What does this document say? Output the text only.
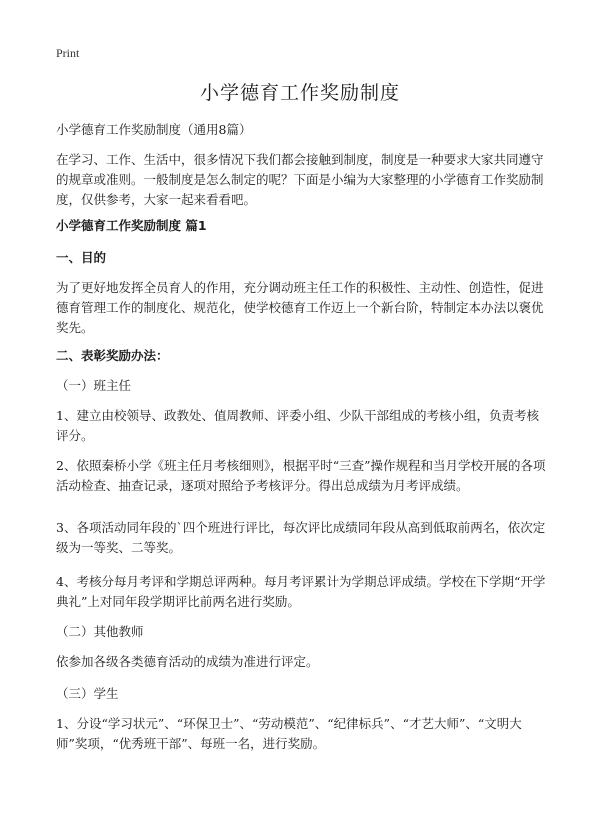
Print
小学德育工作奖励制度

小学德育工作奖励制度（通用8篇）

在学习、工作、生活中，很多情况下我们都会接触到制度，制度是一种要求大家共同遵守的规章或准则。一般制度是怎么制定的呢？下面是小编为大家整理的小学德育工作奖励制度，仅供参考，大家一起来看看吧。

小学德育工作奖励制度 篇1

一、目的

为了更好地发挥全员育人的作用，充分调动班主任工作的积极性、主动性、创造性，促进德育管理工作的制度化、规范化，使学校德育工作迈上一个新台阶，特制定本办法以褒优奖先。

二、表彰奖励办法：

（一）班主任

1、建立由校领导、政教处、值周教师、评委小组、少队干部组成的考核小组，负责考核评分。

2、依照秦桥小学《班主任月考核细则》，根据平时“三查”操作规程和当月学校开展的各项活动检查、抽查记录，逐项对照给予考核评分。得出总成绩为月考评成绩。

3、各项活动同年段的`四个班进行评比，每次评比成绩同年段从高到低取前两名，依次定级为一等奖、二等奖。

4、考核分每月考评和学期总评两种。每月考评累计为学期总评成绩。学校在下学期“开学典礼”上对同年段学期评比前两名进行奖励。

（二）其他教师

依参加各级各类德育活动的成绩为准进行评定。

（三）学生

1、分设“学习状元”、“环保卫士”、“劳动模范”、“纪律标兵”、“才艺大师”、“文明大师”奖项，“优秀班干部”、每班一名，进行奖励。
